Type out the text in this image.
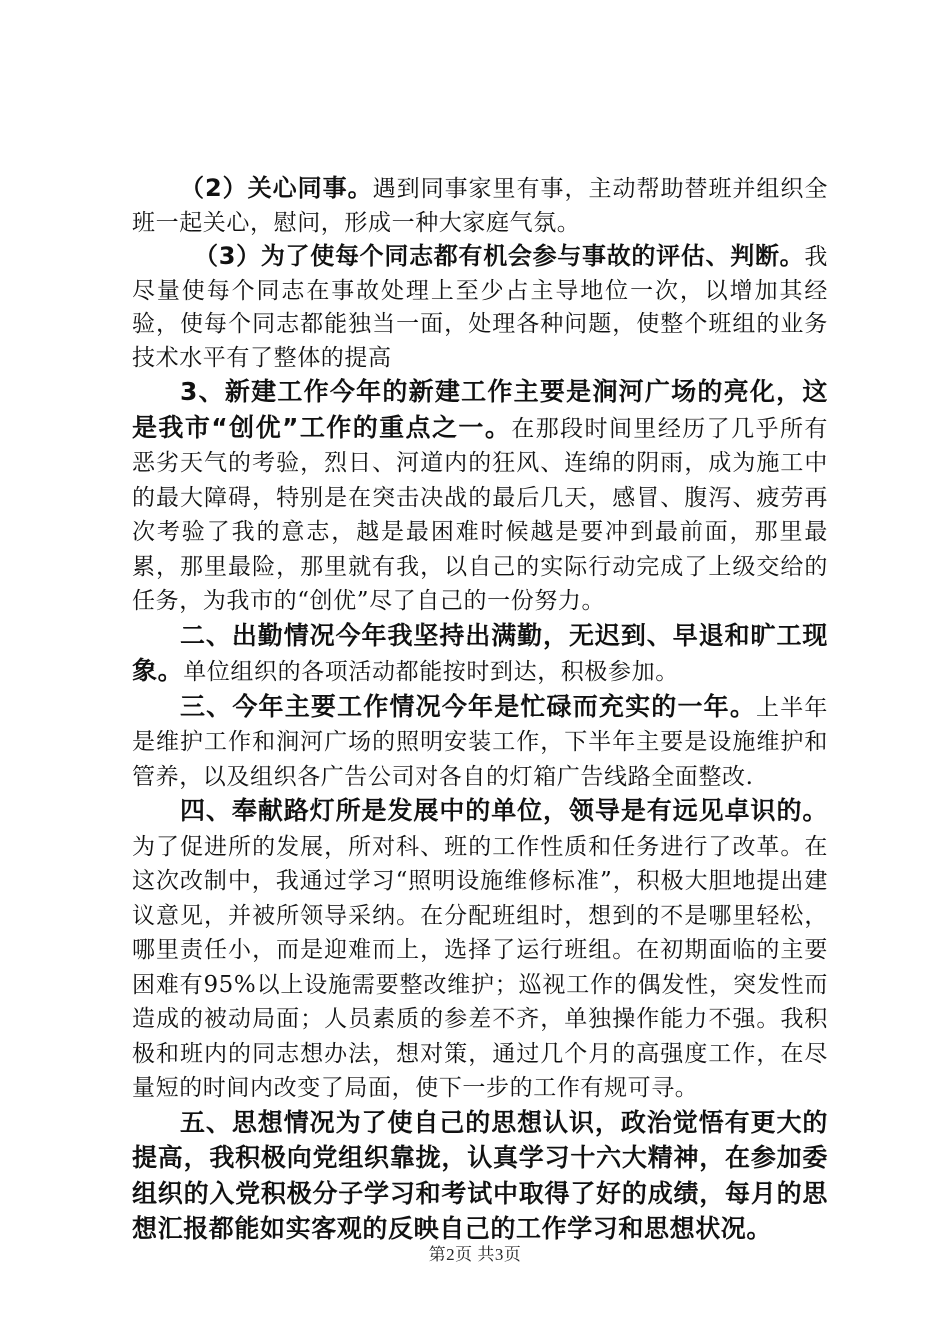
（2）关心同事。遇到同事家里有事，主动帮助替班并组织全班一起关心，慰问，形成一种大家庭气氛。

（3）为了使每个同志都有机会参与事故的评估、判断。我尽量使每个同志在事故处理上至少占主导地位一次，以增加其经验，使每个同志都能独当一面，处理各种问题，使整个班组的业务技术水平有了整体的提高

3、新建工作今年的新建工作主要是涧河广场的亮化，这是我市“创优”工作的重点之一。在那段时间里经历了几乎所有恶劣天气的考验，烈日、河道内的狂风、连绵的阴雨，成为施工中的最大障碍，特别是在突击决战的最后几天，感冒、腹泻、疲劳再次考验了我的意志，越是最困难时候越是要冲到最前面，那里最累，那里最险，那里就有我，以自己的实际行动完成了上级交给的任务，为我市的“创优”尽了自己的一份努力。

二、出勤情况今年我坚持出满勤，无迟到、早退和旷工现象。单位组织的各项活动都能按时到达，积极参加。

三、今年主要工作情况今年是忙碌而充实的一年。上半年是维护工作和涧河广场的照明安装工作，下半年主要是设施维护和管养，以及组织各广告公司对各自的灯箱广告线路全面整改.

四、奉献路灯所是发展中的单位，领导是有远见卓识的。为了促进所的发展，所对科、班的工作性质和任务进行了改革。在这次改制中，我通过学习“照明设施维修标准”，积极大胆地提出建议意见，并被所领导采纳。在分配班组时，想到的不是哪里轻松，哪里责任小，而是迎难而上，选择了运行班组。在初期面临的主要困难有95%以上设施需要整改维护；巡视工作的偶发性，突发性而造成的被动局面；人员素质的参差不齐，单独操作能力不强。我积极和班内的同志想办法，想对策，通过几个月的高强度工作，在尽量短的时间内改变了局面，使下一步的工作有规可寻。

五、思想情况为了使自己的思想认识，政治觉悟有更大的提高，我积极向党组织靠拢，认真学习十六大精神，在参加委组织的入党积极分子学习和考试中取得了好的成绩，每月的思想汇报都能如实客观的反映自己的工作学习和思想状况。

第2页 共3页
